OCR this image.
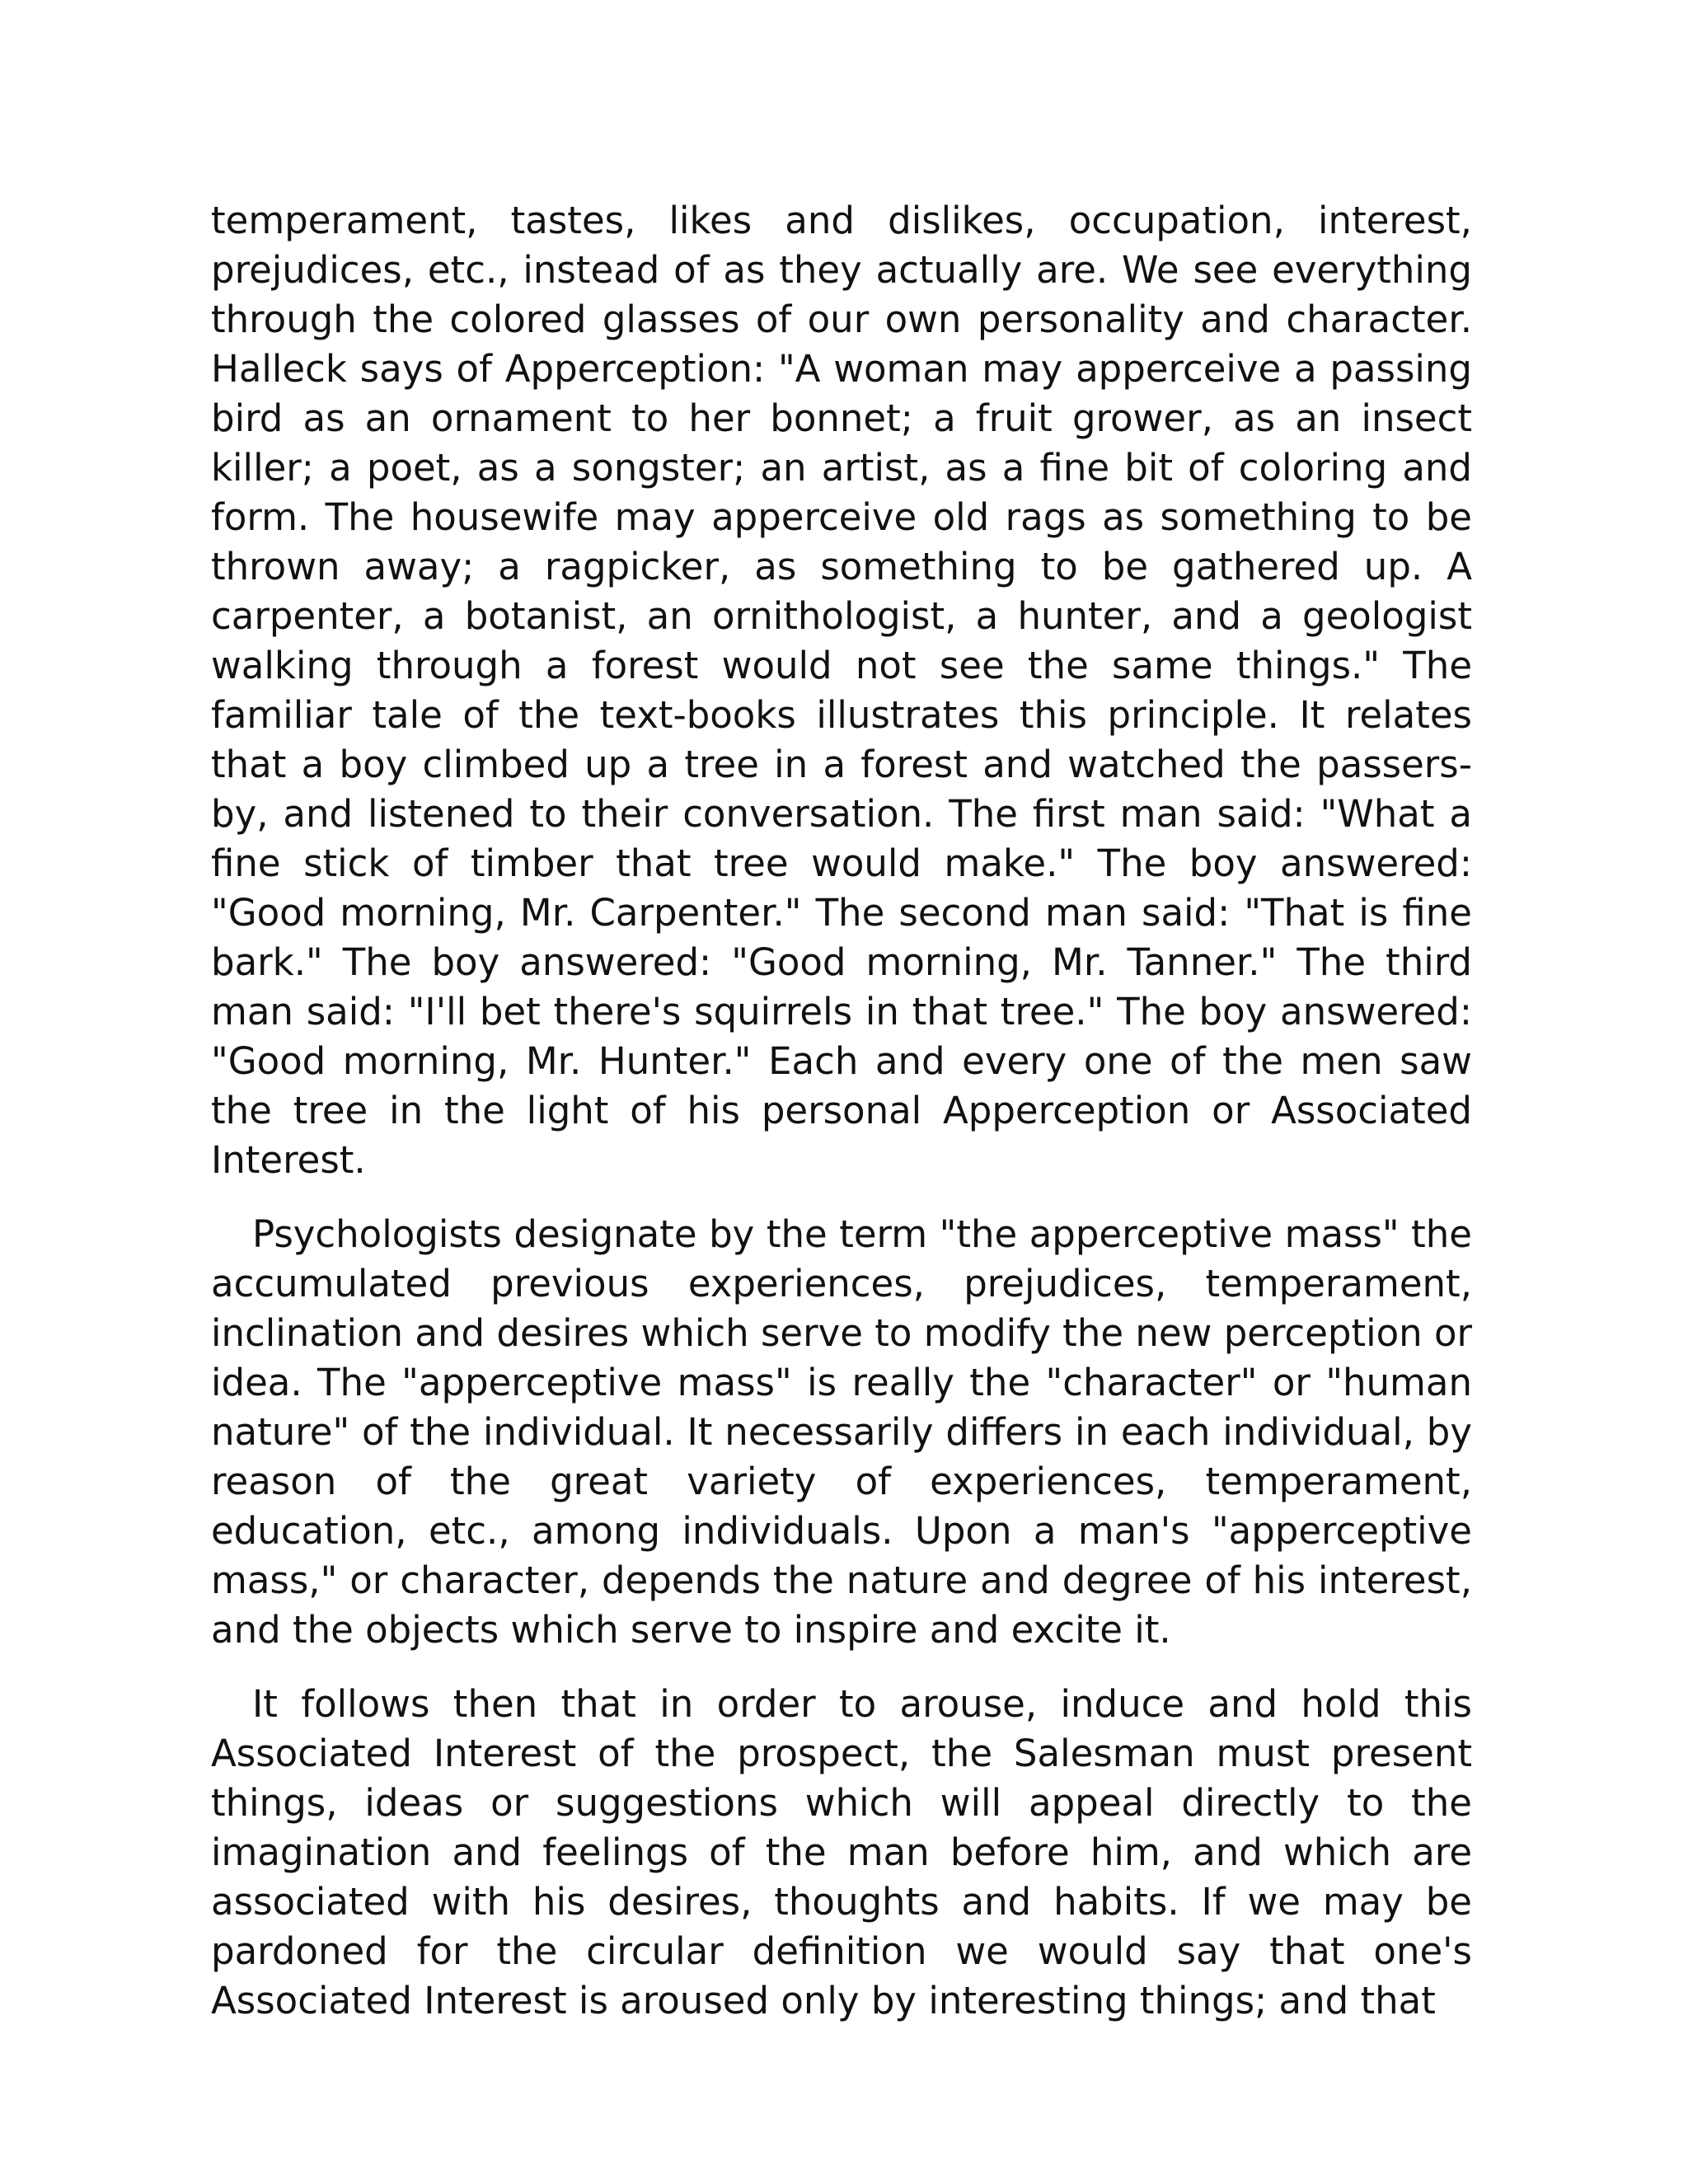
temperament, tastes, likes and dislikes, occupation, interest, prejudices, etc., instead of as they actually are. We see everything through the colored glasses of our own personality and character. Halleck says of Apperception: "A woman may apperceive a passing bird as an ornament to her bonnet; a fruit grower, as an insect killer; a poet, as a songster; an artist, as a fine bit of coloring and form. The housewife may apperceive old rags as something to be thrown away; a ragpicker, as something to be gathered up. A carpenter, a botanist, an ornithologist, a hunter, and a geologist walking through a forest would not see the same things." The familiar tale of the text-books illustrates this principle. It relates that a boy climbed up a tree in a forest and watched the passers-by, and listened to their conversation. The first man said: "What a fine stick of timber that tree would make." The boy answered: "Good morning, Mr. Carpenter." The second man said: "That is fine bark." The boy answered: "Good morning, Mr. Tanner." The third man said: "I'll bet there's squirrels in that tree." The boy answered: "Good morning, Mr. Hunter." Each and every one of the men saw the tree in the light of his personal Apperception or Associated Interest.

Psychologists designate by the term "the apperceptive mass" the accumulated previous experiences, prejudices, temperament, inclination and desires which serve to modify the new perception or idea. The "apperceptive mass" is really the "character" or "human nature" of the individual. It necessarily differs in each individual, by reason of the great variety of experiences, temperament, education, etc., among individuals. Upon a man's "apperceptive mass," or character, depends the nature and degree of his interest, and the objects which serve to inspire and excite it.

It follows then that in order to arouse, induce and hold this Associated Interest of the prospect, the Salesman must present things, ideas or suggestions which will appeal directly to the imagination and feelings of the man before him, and which are associated with his desires, thoughts and habits. If we may be pardoned for the circular definition we would say that one's Associated Interest is aroused only by interesting things; and that
